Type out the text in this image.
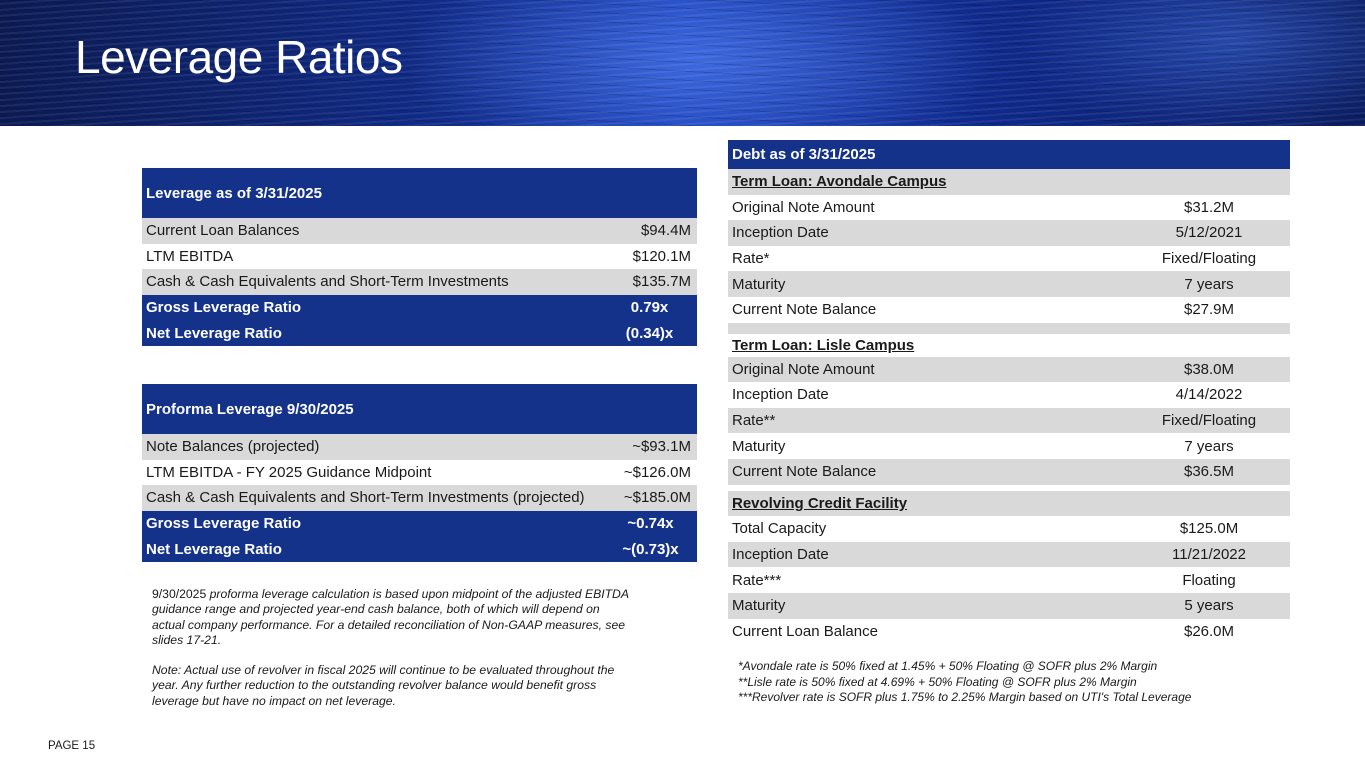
Leverage Ratios
Leverage as of 3/31/2025	
Current Loan Balances	$94.4M
LTM EBITDA	$120.1M
Cash & Cash Equivalents and Short-Term Investments	$135.7M
Gross Leverage Ratio	0.79x
Net Leverage Ratio	(0.34)x
Proforma Leverage 9/30/2025	
Note Balances (projected)	~$93.1M
LTM EBITDA - FY 2025 Guidance Midpoint	~$126.0M
Cash & Cash Equivalents and Short-Term Investments (projected)	~$185.0M
Gross Leverage Ratio	~0.74x
Net Leverage Ratio	~(0.73)x

9/30/2025 proforma leverage calculation is based upon midpoint of the adjusted EBITDA guidance range and projected year-end cash balance, both of which will depend on actual company performance. For a detailed reconciliation of Non-GAAP measures, see slides 17-21.

Note: Actual use of revolver in fiscal 2025 will continue to be evaluated throughout the year. Any further reduction to the outstanding revolver balance would benefit gross leverage but have no impact on net leverage.

Debt as of 3/31/2025	
Term Loan: Avondale Campus	
Original Note Amount	$31.2M
Inception Date	5/12/2021
Rate*	Fixed/Floating
Maturity	7 years
Current Note Balance	$27.9M

Term Loan: Lisle Campus	
Original Note Amount	$38.0M
Inception Date	4/14/2022
Rate**	Fixed/Floating
Maturity	7 years
Current Note Balance	$36.5M

Revolving Credit Facility	
Total Capacity	$125.0M
Inception Date	11/21/2022
Rate***	Floating
Maturity	5 years
Current Loan Balance	$26.0M
*Avondale rate is 50% fixed at 1.45% + 50% Floating @ SOFR plus 2% Margin
**Lisle rate is 50% fixed at 4.69% + 50% Floating @ SOFR plus 2% Margin
***Revolver rate is SOFR plus 1.75% to 2.25% Margin based on UTI's Total Leverage
PAGE 15
